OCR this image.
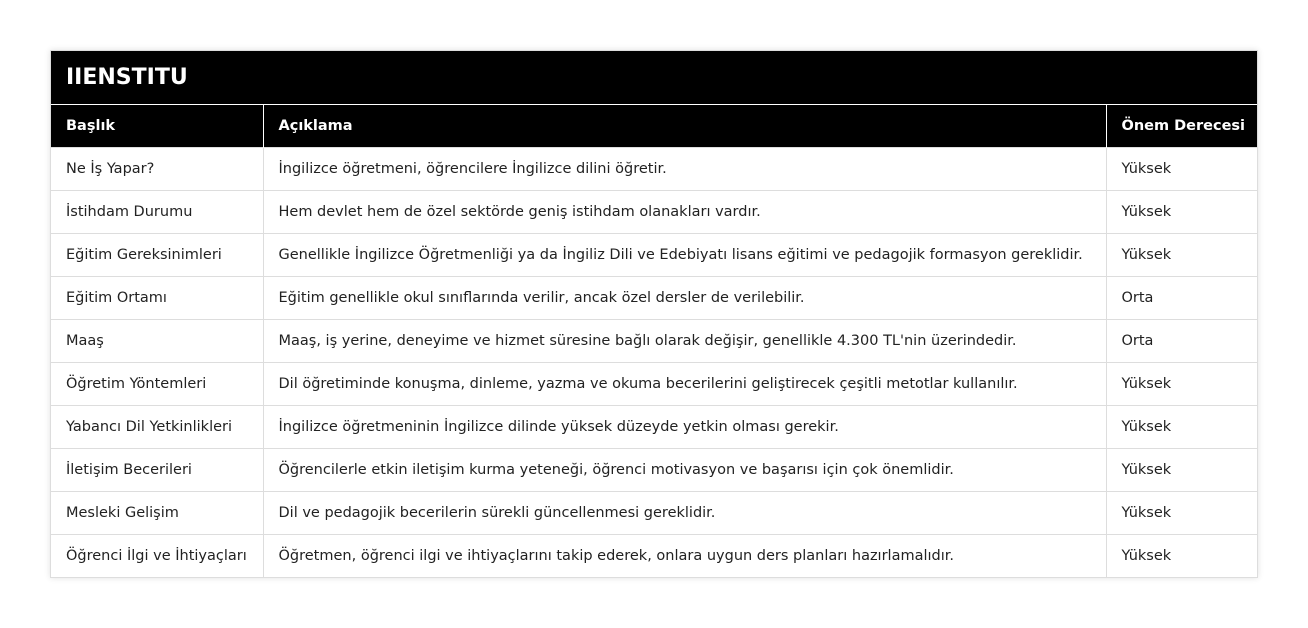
IIENSTITU
Başlık	Açıklama	Önem Derecesi
Ne İş Yapar?	İngilizce öğretmeni, öğrencilere İngilizce dilini öğretir.	Yüksek
İstihdam Durumu	Hem devlet hem de özel sektörde geniş istihdam olanakları vardır.	Yüksek
Eğitim Gereksinimleri	Genellikle İngilizce Öğretmenliği ya da İngiliz Dili ve Edebiyatı lisans eğitimi ve pedagojik formasyon gereklidir.	Yüksek
Eğitim Ortamı	Eğitim genellikle okul sınıflarında verilir, ancak özel dersler de verilebilir.	Orta
Maaş	Maaş, iş yerine, deneyime ve hizmet süresine bağlı olarak değişir, genellikle 4.300 TL'nin üzerindedir.	Orta
Öğretim Yöntemleri	Dil öğretiminde konuşma, dinleme, yazma ve okuma becerilerini geliştirecek çeşitli metotlar kullanılır.	Yüksek
Yabancı Dil Yetkinlikleri	İngilizce öğretmeninin İngilizce dilinde yüksek düzeyde yetkin olması gerekir.	Yüksek
İletişim Becerileri	Öğrencilerle etkin iletişim kurma yeteneği, öğrenci motivasyon ve başarısı için çok önemlidir.	Yüksek
Mesleki Gelişim	Dil ve pedagojik becerilerin sürekli güncellenmesi gereklidir.	Yüksek
Öğrenci İlgi ve İhtiyaçları	Öğretmen, öğrenci ilgi ve ihtiyaçlarını takip ederek, onlara uygun ders planları hazırlamalıdır.	Yüksek
